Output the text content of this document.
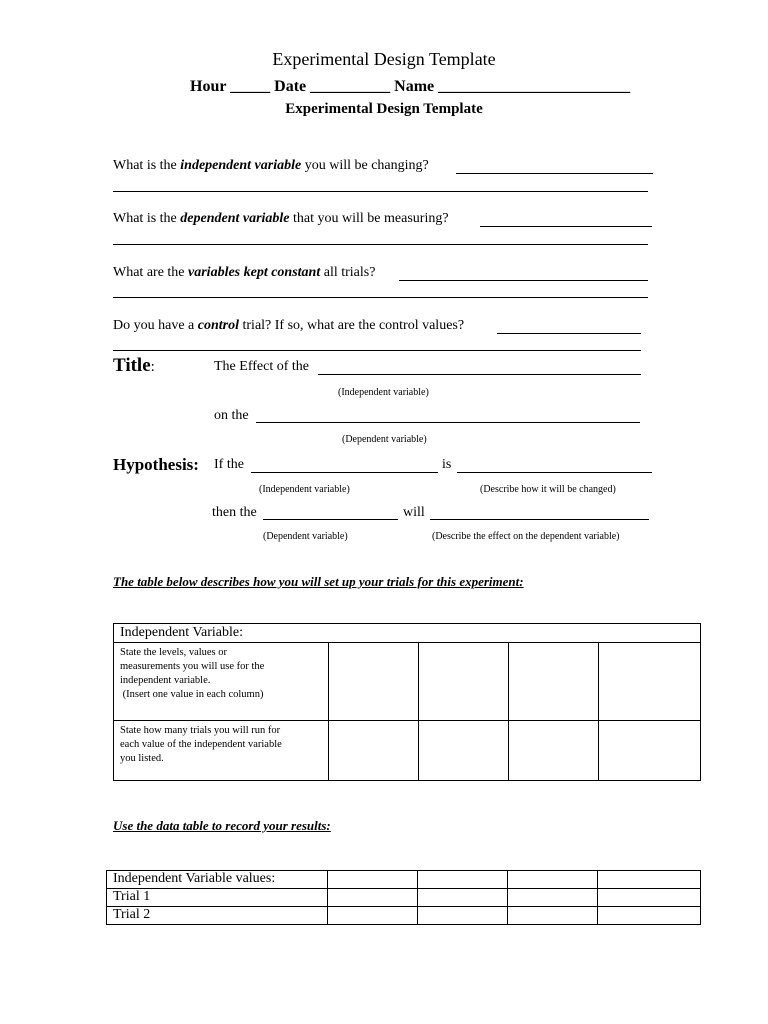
Experimental Design Template
Hour _____ Date __________ Name ________________________
Experimental Design Template
What is the independent variable you will be changing?
What is the dependent variable that you will be measuring?
What are the variables kept constant all trials?
Do you have a control trial? If so, what are the control values?
Title:	The Effect of the
(Independent variable)
on the
(Dependent variable)
Hypothesis: If the	is
(Independent variable)	(Describe how it will be changed)
then the	will
(Dependent variable)	(Describe the effect on the dependent variable)
The table below describes how you will set up your trials for this experiment:
Independent Variable:				

State the levels, values or
measurements you will use for the
independent variable.
(Insert one value in each column)				

State how many trials you will run for
each value of the independent variable
you listed.				

Use the data table to record your results:
Independent Variable values:				
Trial 1				
Trial 2				
